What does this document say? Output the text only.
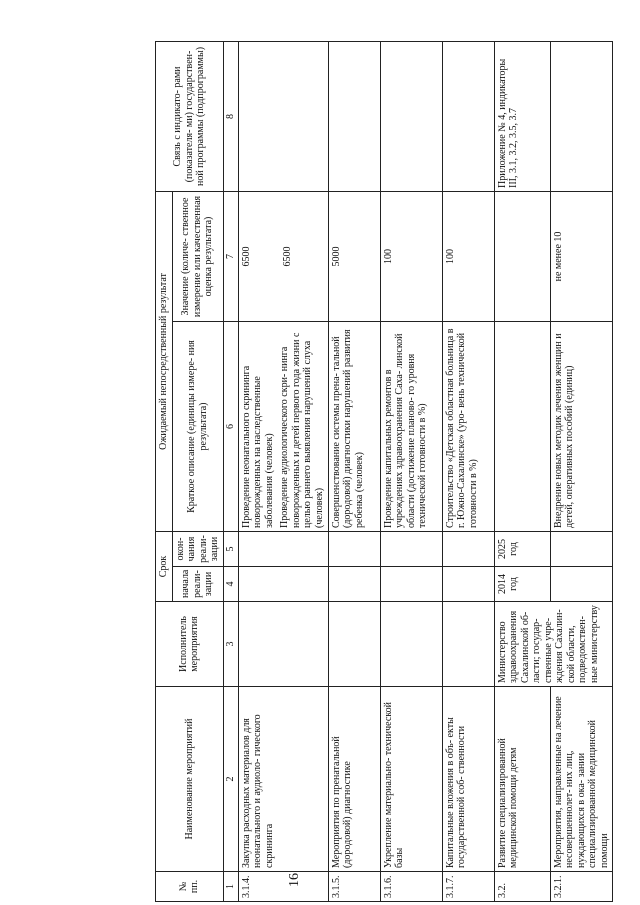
16
№ пп.	Наименование мероприятий	Исполнитель мероприятия	Срок		Ожидаемый непосредственный результат		Связь с индикато- рами (показателя- ми) государствен- ной программы (подпрограммы)
			начала реали- зации	окон- чания реали- зации	Краткое описание (единицы измере- ния результата)	Значение (количе- ственное измерение или качественная оценка результата)	
1	2	3	4	5	6	7	8
3.1.4.	Закупка расходных материалов для неонатального и аудиоло- гического скрининга				Проведение неонатального скрининга новорожденных на наследственные заболевания (человек) Проведение аудиологического скри- нинга новорожденных и детей первого года жизни с целью раннего выявления нарушений слуха (человек)	6500 6500	

3.1.5.	Мероприятия по пренатальной (дородовой) диагностике				Совершенствование системы прена- тальной (дородовой) диагностики нарушений развития ребенка (человек)	5000	
3.1.6.	Укрепление материально- технической базы				Проведение капитальных ремонтов в учреждениях здравоохранения Саха- линской области (достижение планово- го уровня технической готовности в %)	100	
3.1.7.	Капитальные вложения в объ- екты государственной соб- ственности				Строительство «Детская областная больница в г. Южно-Сахалинске» (уро- вень технической готовности в %)	100	
3.2.	Развитие специализированной медицинской помощи детям	Министерство здравоохранения Сахалинской об- ласти; государ- ственные учре- ждения Сахалин- ской области, подведомствен- ные министерству	2014 год	2025 год			Приложение № 4, индикаторы III, 3.1, 3.2, 3.5, 3.7
3.2.1.	Мероприятия, направленные на лечение несовершеннолет- них лиц, нуждающихся в ока- зании специализированной медицинской помощи				Внедрение новых методик лечения женщин и детей, оперативных пособий (единиц)	не менее 10	
